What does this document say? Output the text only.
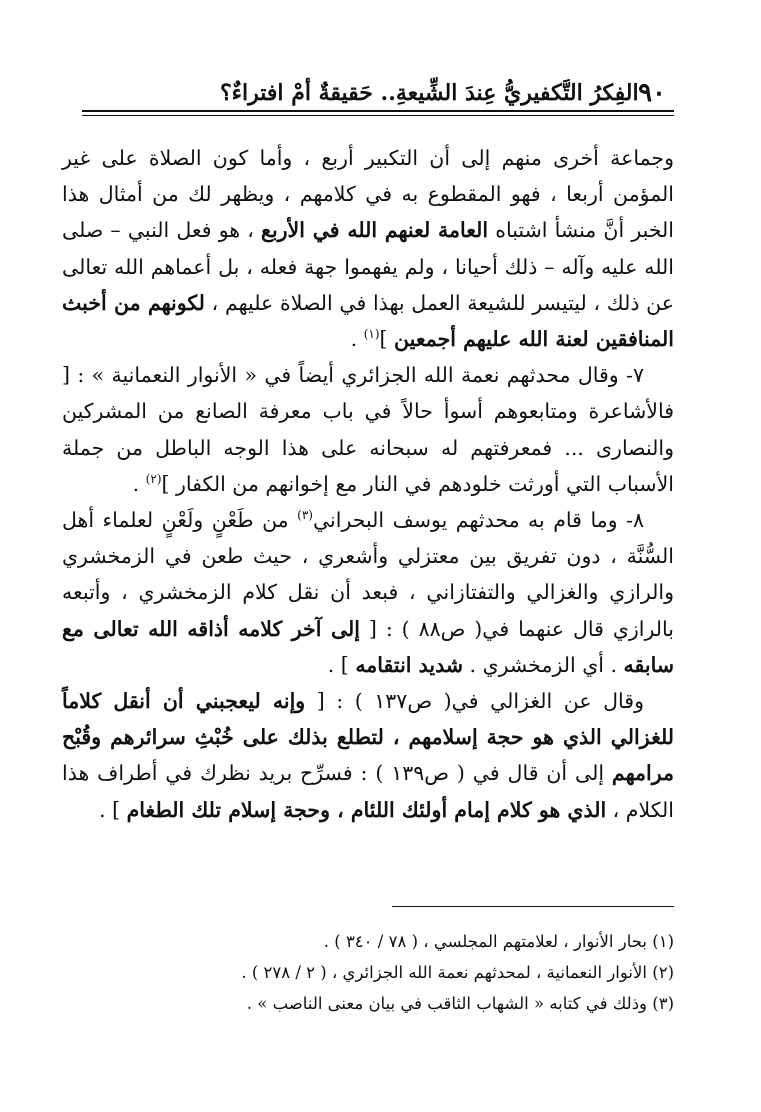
٩٠
الفِكرُ التَّكفيريُّ عِندَ الشِّيعةِ.. حَقيقةٌ أمْ افتراءٌ؟

وجماعة أخرى منهم إلى أن التكبير أربع ، وأما كون الصلاة على غير المؤمن أربعا ، فهو المقطوع به في كلامهم ، ويظهر لك من أمثال هذا الخبر أنَّ منشأ اشتباه العامة لعنهم الله في الأربع ، هو فعل النبي – صلى الله عليه وآله – ذلك أحيانا ، ولم يفهموا جهة فعله ، بل أعماهم الله تعالى عن ذلك ، ليتيسر للشيعة العمل بهذا في الصلاة عليهم ، لكونهم من أخبث المنافقين لعنة الله عليهم أجمعين ]$^{(١)}$ .

٧- وقال محدثهم نعمة الله الجزائري أيضاً في « الأنوار النعمانية » : [ فالأشاعرة ومتابعوهم أسوأ حالاً في باب معرفة الصانع من المشركين والنصارى ... فمعرفتهم له سبحانه على هذا الوجه الباطل من جملة الأسباب التي أورثت خلودهم في النار مع إخوانهم من الكفار ]$^{(٢)}$ .

٨- وما قام به محدثهم يوسف البحراني$^{(٣)}$ من طَعْنٍ ولَعْنٍ لعلماء أهل السُّنَّة ، دون تفريق بين معتزلي وأشعري ، حيث طعن في الزمخشري والرازي والغزالي والتفتازاني ، فبعد أن نقل كلام الزمخشري ، وأتبعه بالرازي قال عنهما في( ص٨٨ ) : [ إلى آخر كلامه أذاقه الله تعالى مع سابقه . أي الزمخشري . شديد انتقامه ] .

وقال عن الغزالي في( ص١٣٧ ) : [ وإنه ليعجبني أن أنقل كلاماً للغزالي الذي هو حجة إسلامهم ، لتطلع بذلك على خُبْثِ سرائرهم وقُبْح مرامهم إلى أن قال في ( ص١٣٩ ) : فسرِّح بريد نظرك في أطراف هذا الكلام ، الذي هو كلام إمام أولئك اللئام ، وحجة إسلام تلك الطغام ] .

(١) بحار الأنوار ، لعلامتهم المجلسي ، ( ٧٨ / ٣٤٠ ) .

(٢) الأنوار النعمانية ، لمحدثهم نعمة الله الجزائري ، ( ٢ / ٢٧٨ ) .

(٣) وذلك في كتابه « الشهاب الثاقب في بيان معنى الناصب » .
